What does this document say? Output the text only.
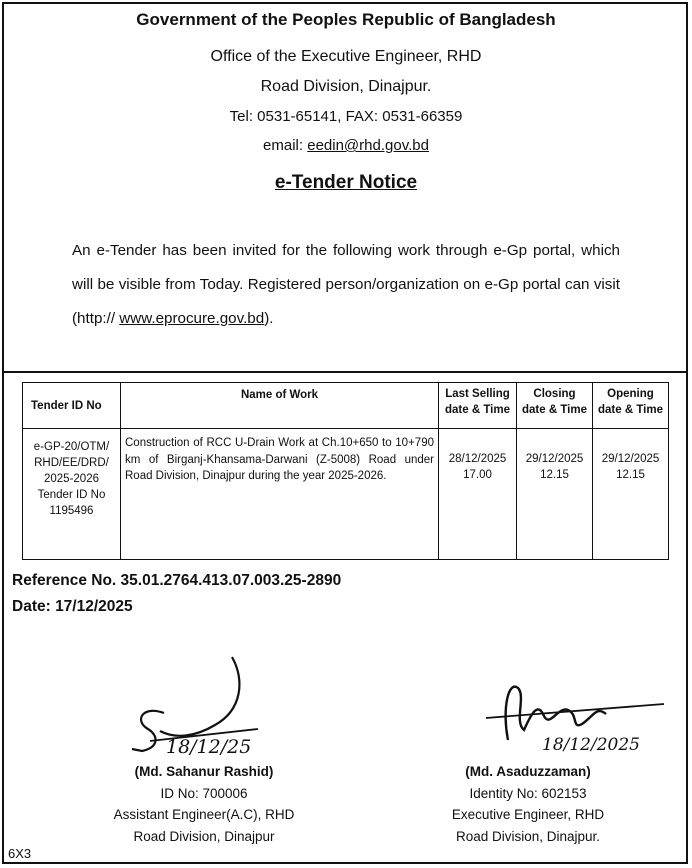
Government of the Peoples Republic of Bangladesh
Office of the Executive Engineer, RHD
Road Division, Dinajpur.
Tel: 0531-65141, FAX: 0531-66359
email: eedin@rhd.gov.bd
e-Tender Notice
An e-Tender has been invited for the following work through e-Gp portal, which will be visible from Today. Registered person/organization on e-Gp portal can visit (http:// www.eprocure.gov.bd).
Tender ID No	Name of Work	Last Selling date & Time	Closing date & Time	Opening date & Time
e-GP-20/OTM/ RHD/EE/DRD/ 2025-2026 Tender ID No 1195496	Construction of RCC U-Drain Work at Ch.10+650 to 10+790 km of Birganj-Khansama-Darwani (Z-5008) Road under Road Division, Dinajpur during the year 2025-2026.	28/12/2025 17.00	29/12/2025 12.15	29/12/2025 12.15
Reference No. 35.01.2764.413.07.003.25-2890
Date: 17/12/2025
18/12/25	18/12/2025
(Md. Sahanur Rashid)
ID No: 700006
Assistant Engineer(A.C), RHD
Road Division, Dinajpur
(Md. Asaduzzaman)
Identity No: 602153
Executive Engineer, RHD
Road Division, Dinajpur.
6X3
